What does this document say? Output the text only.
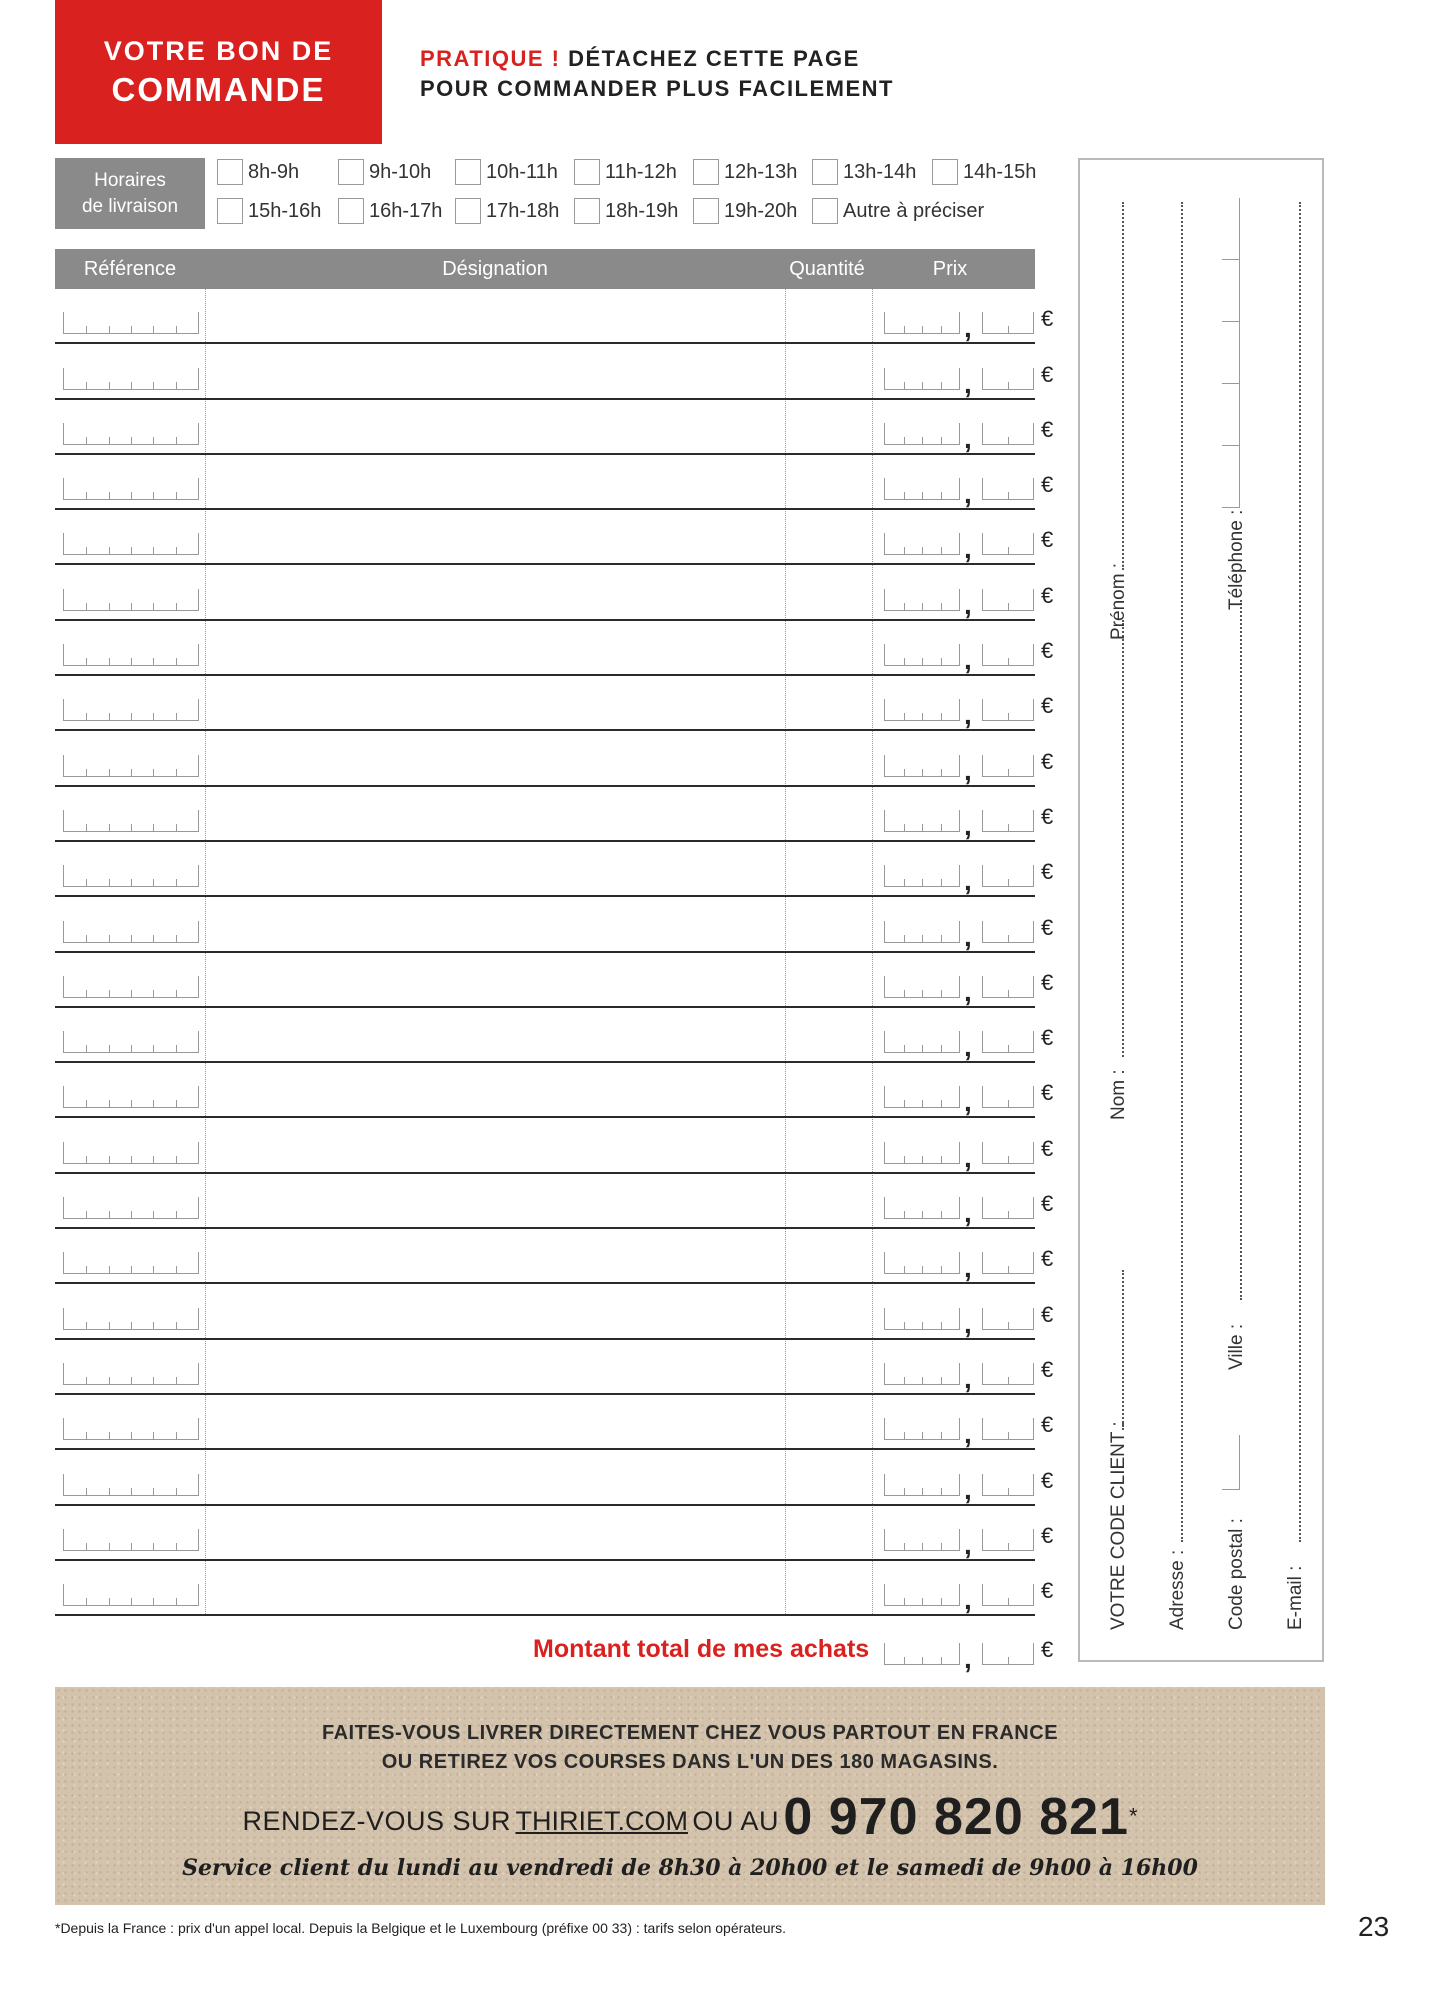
VOTRE BON DE
COMMANDE
PRATIQUE ! DÉTACHEZ CETTE PAGE
POUR COMMANDER PLUS FACILEMENT
Horaires
de livraison
8h-9h	9h-10h	10h-11h 11h-12h 12h-13h 13h-14h 14h-15h
15h-16h 16h-17h 17h-18h 18h-19h 19h-20h Autre à préciser
Référence	Désignation	Quantité	Prix
,	€
,	€
,	€
,	€
,	€
,	€
,	€
,	€
,	€
,	€
,	€
,	€
,	€
,	€
,	€
,	€
,	€
,	€
,	€
,	€
,	€
,	€
,	€
,	€
Montant total de mes achats	,	€
VOTRE CODE CLIENT :
Nom :
Prénom :
Adresse : Code postal :
Ville :
Téléphone :
E-mail :
FAITES-VOUS LIVRER DIRECTEMENT CHEZ VOUS PARTOUT EN FRANCE
OU RETIREZ VOS COURSES DANS L'UN DES 180 MAGASINS.
RENDEZ-VOUS SUR THIRIET.COM OU AU 0 970 820 821*
Service client du lundi au vendredi de 8h30 à 20h00 et le samedi de 9h00 à 16h00
*Depuis la France : prix d'un appel local. Depuis la Belgique et le Luxembourg (préfixe 00 33) : tarifs selon opérateurs.	23
